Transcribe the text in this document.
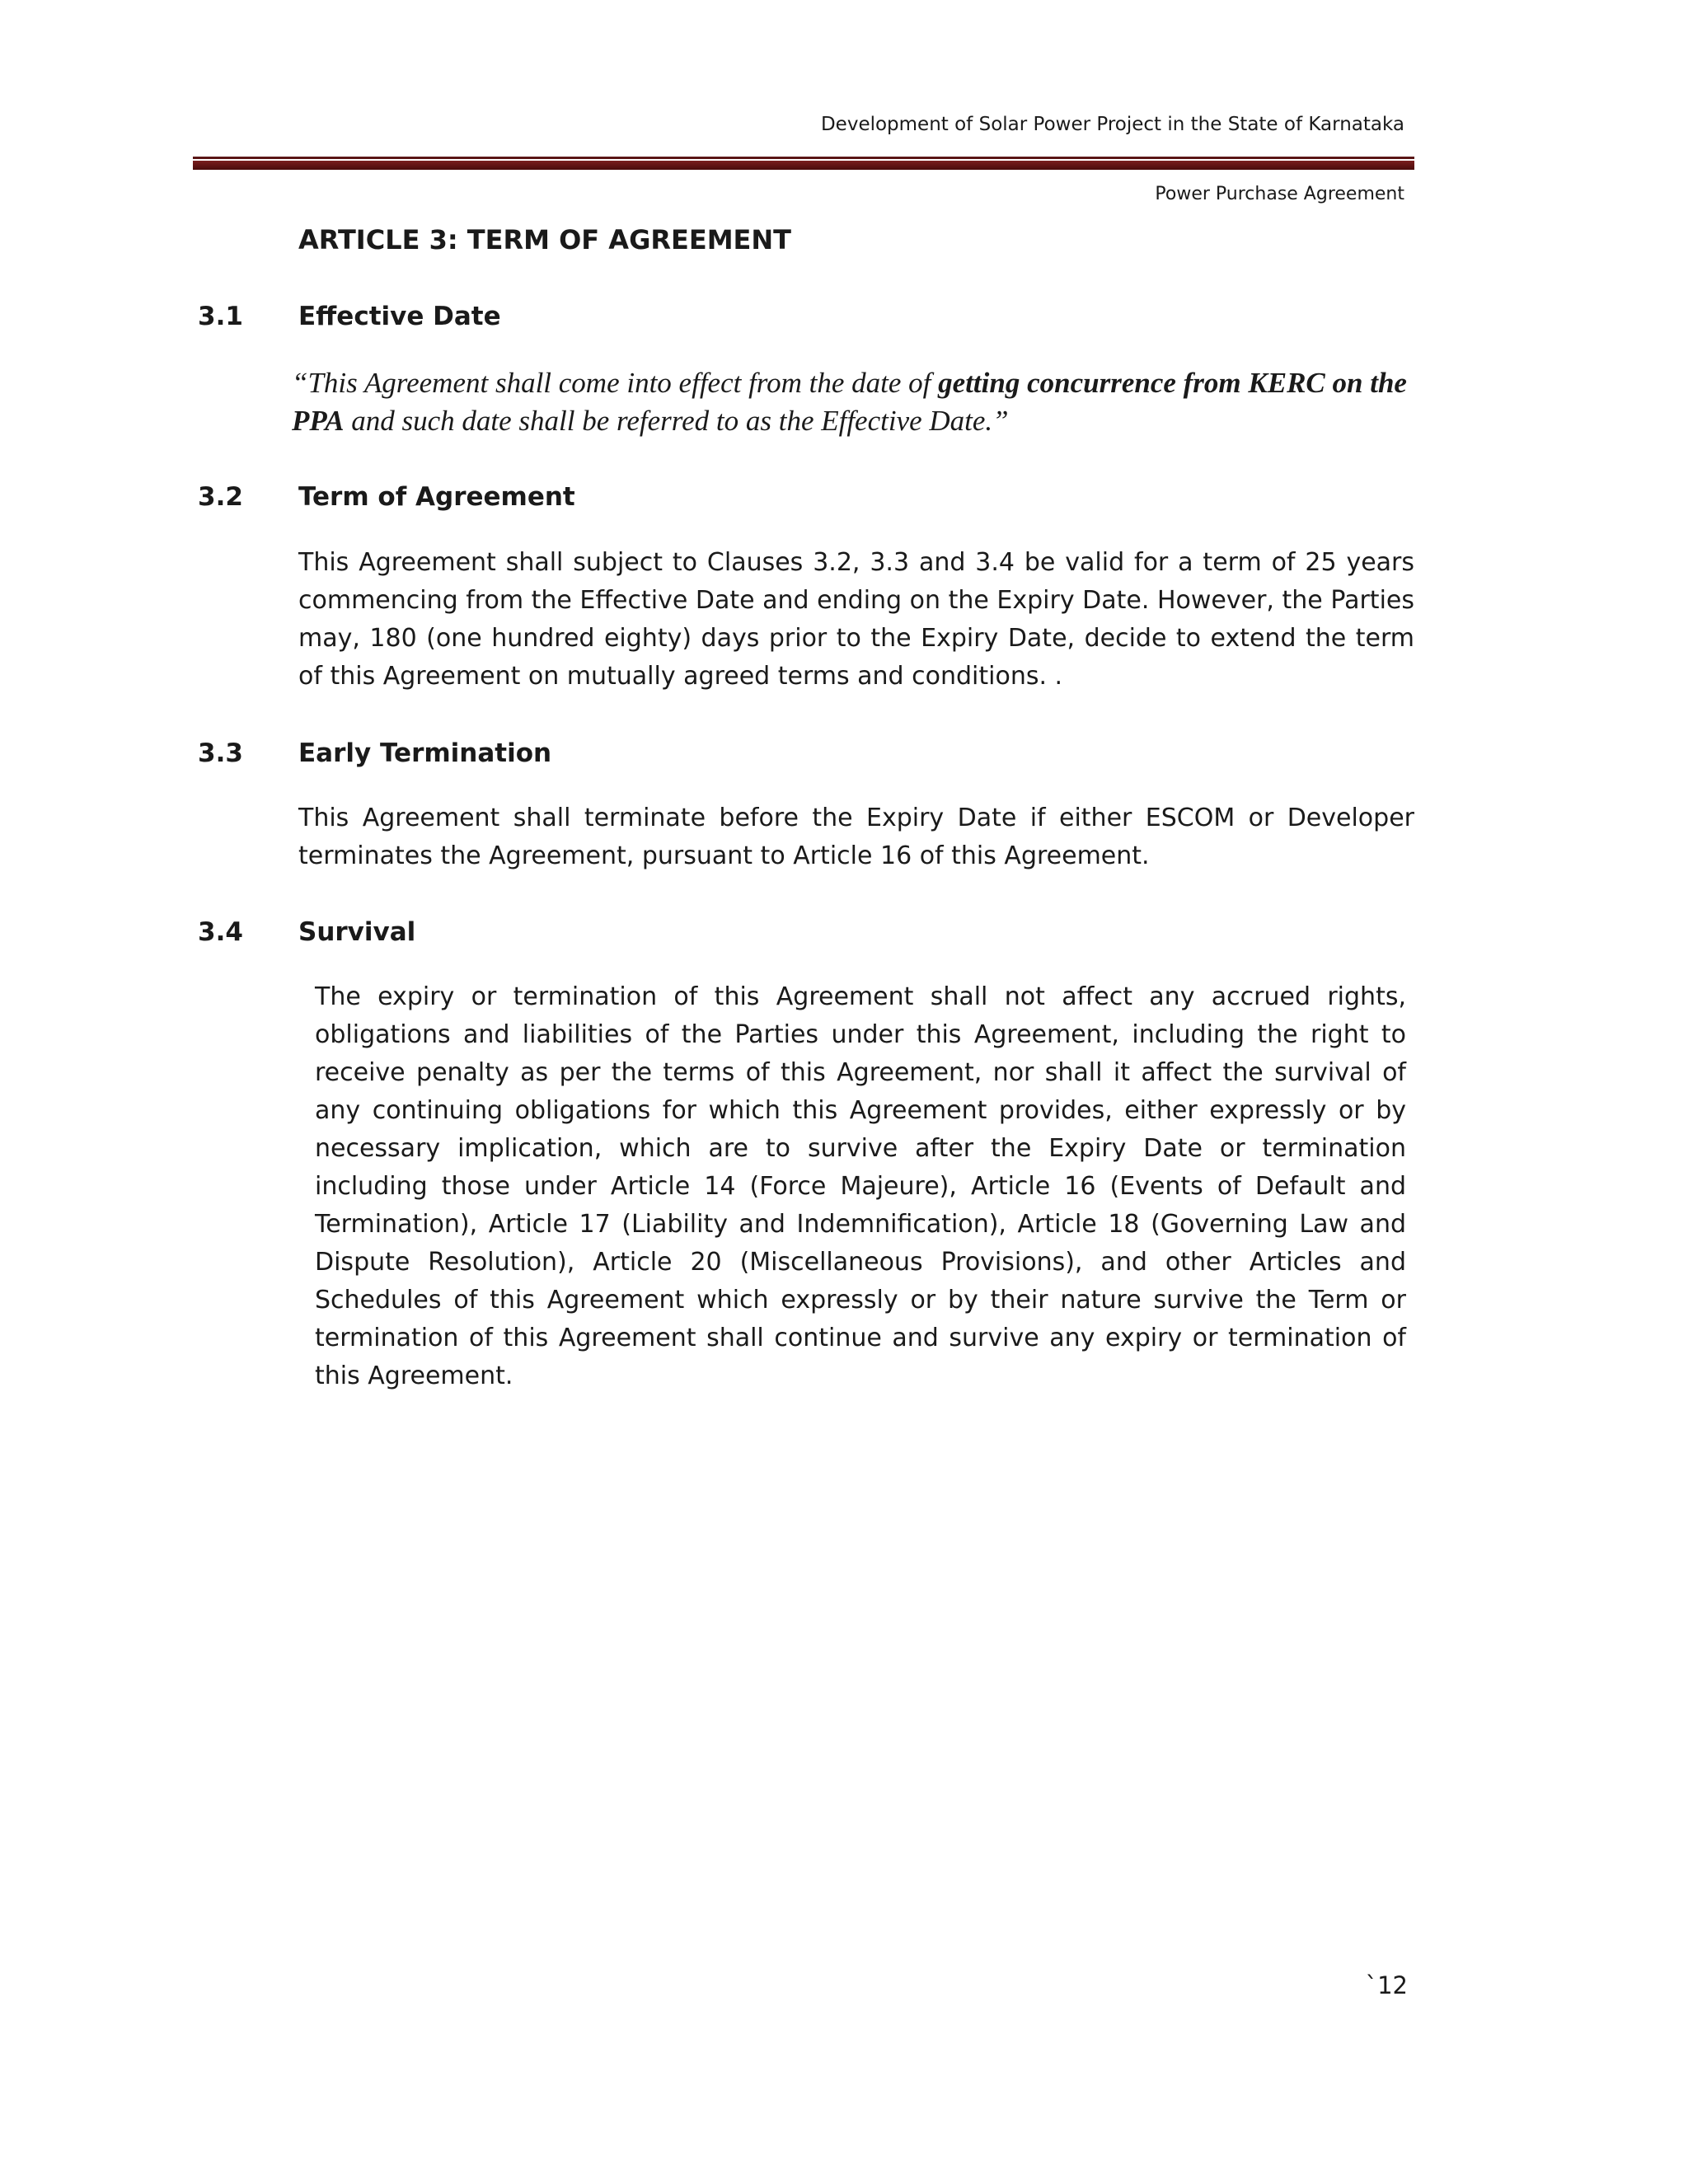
Development of Solar Power Project in the State of Karnataka
Power Purchase Agreement
ARTICLE 3: TERM OF AGREEMENT
3.1 Effective Date
“This Agreement shall come into effect from the date of getting concurrence from KERC on the PPA and such date shall be referred to as the Effective Date.”
3.2 Term of Agreement
This Agreement shall subject to Clauses 3.2, 3.3 and 3.4 be valid for a term of 25 years commencing from the Effective Date and ending on the Expiry Date. However, the Parties may, 180 (one hundred eighty) days prior to the Expiry Date, decide to extend the term of this Agreement on mutually agreed terms and conditions. .
3.3 Early Termination
This Agreement shall terminate before the Expiry Date if either ESCOM or Developer terminates the Agreement, pursuant to Article 16 of this Agreement.
3.4 Survival
The expiry or termination of this Agreement shall not affect any accrued rights, obligations and liabilities of the Parties under this Agreement, including the right to receive penalty as per the terms of this Agreement, nor shall it affect the survival of any continuing obligations for which this Agreement provides, either expressly or by necessary implication, which are to survive after the Expiry Date or termination including those under Article 14 (Force Majeure), Article 16 (Events of Default and Termination), Article 17 (Liability and Indemnification), Article 18 (Governing Law and Dispute Resolution), Article 20 (Miscellaneous Provisions), and other Articles and Schedules of this Agreement which expressly or by their nature survive the Term or termination of this Agreement shall continue and survive any expiry or termination of this Agreement.
`12
